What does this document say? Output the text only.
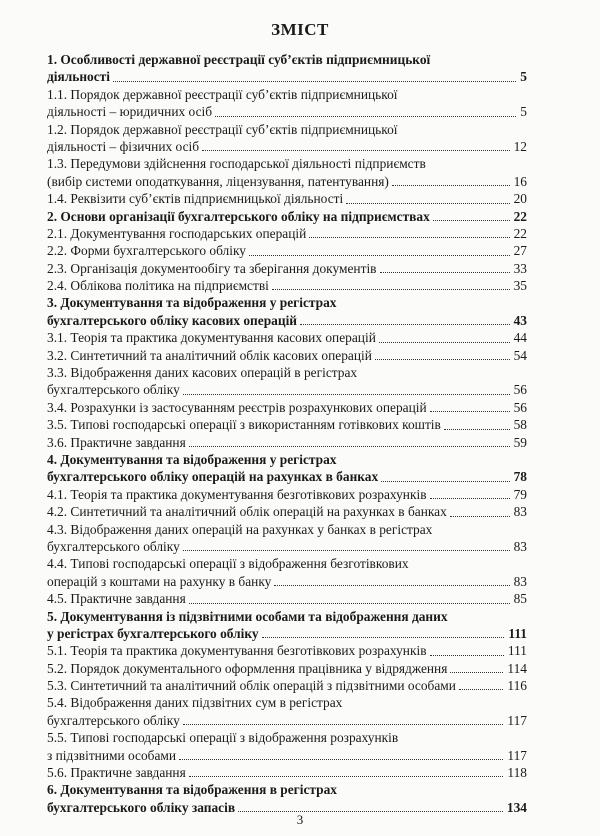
ЗМІСТ
1. Особливості державної реєстрації суб’єктів підприємницької
діяльності	5
1.1. Порядок державної реєстрації суб’єктів підприємницької
діяльності – юридичних осіб	5
1.2. Порядок державної реєстрації суб’єктів підприємницької
діяльності – фізичних осіб	12
1.3. Передумови здійснення господарської діяльності підприємств
(вибір системи оподаткування, ліцензування, патентування)	16
1.4. Реквізити суб’єктів підприємницької діяльності	20
2. Основи організації бухгалтерського обліку на підприємствах	22
2.1. Документування господарських операцій	22
2.2. Форми бухгалтерського обліку	27
2.3. Організація документообігу та зберігання документів	33
2.4. Облікова політика на підприємстві	35
3. Документування та відображення у регістрах
бухгалтерського обліку касових операцій	43
3.1. Теорія та практика документування касових операцій	44
3.2. Синтетичний та аналітичний облік касових операцій	54
3.3. Відображення даних касових операцій в регістрах
бухгалтерського обліку	56
3.4. Розрахунки із застосуванням реєстрів розрахункових операцій	56
3.5. Типові господарські операції з використанням готівкових коштів	58
3.6. Практичне завдання	59
4. Документування та відображення у регістрах
бухгалтерського обліку операцій на рахунках в банках	78
4.1. Теорія та практика документування безготівкових розрахунків	79
4.2. Синтетичний та аналітичний облік операцій на рахунках в банках	83
4.3. Відображення даних операцій на рахунках у банках в регістрах
бухгалтерського обліку	83
4.4. Типові господарські операції з відображення безготівкових
операцій з коштами на рахунку в банку	83
4.5. Практичне завдання	85
5. Документування із підзвітними особами та відображення даних
у регістрах бухгалтерського обліку	111
5.1. Теорія та практика документування безготівкових розрахунків	111
5.2. Порядок документального оформлення працівника у відрядження	114
5.3. Синтетичний та аналітичний облік операцій з підзвітними особами	116
5.4. Відображення даних підзвітних сум в регістрах
бухгалтерського обліку	117
5.5. Типові господарські операції з відображення розрахунків
з підзвітними особами	117
5.6. Практичне завдання	118
6. Документування та відображення в регістрах
бухгалтерського обліку запасів	134
3
